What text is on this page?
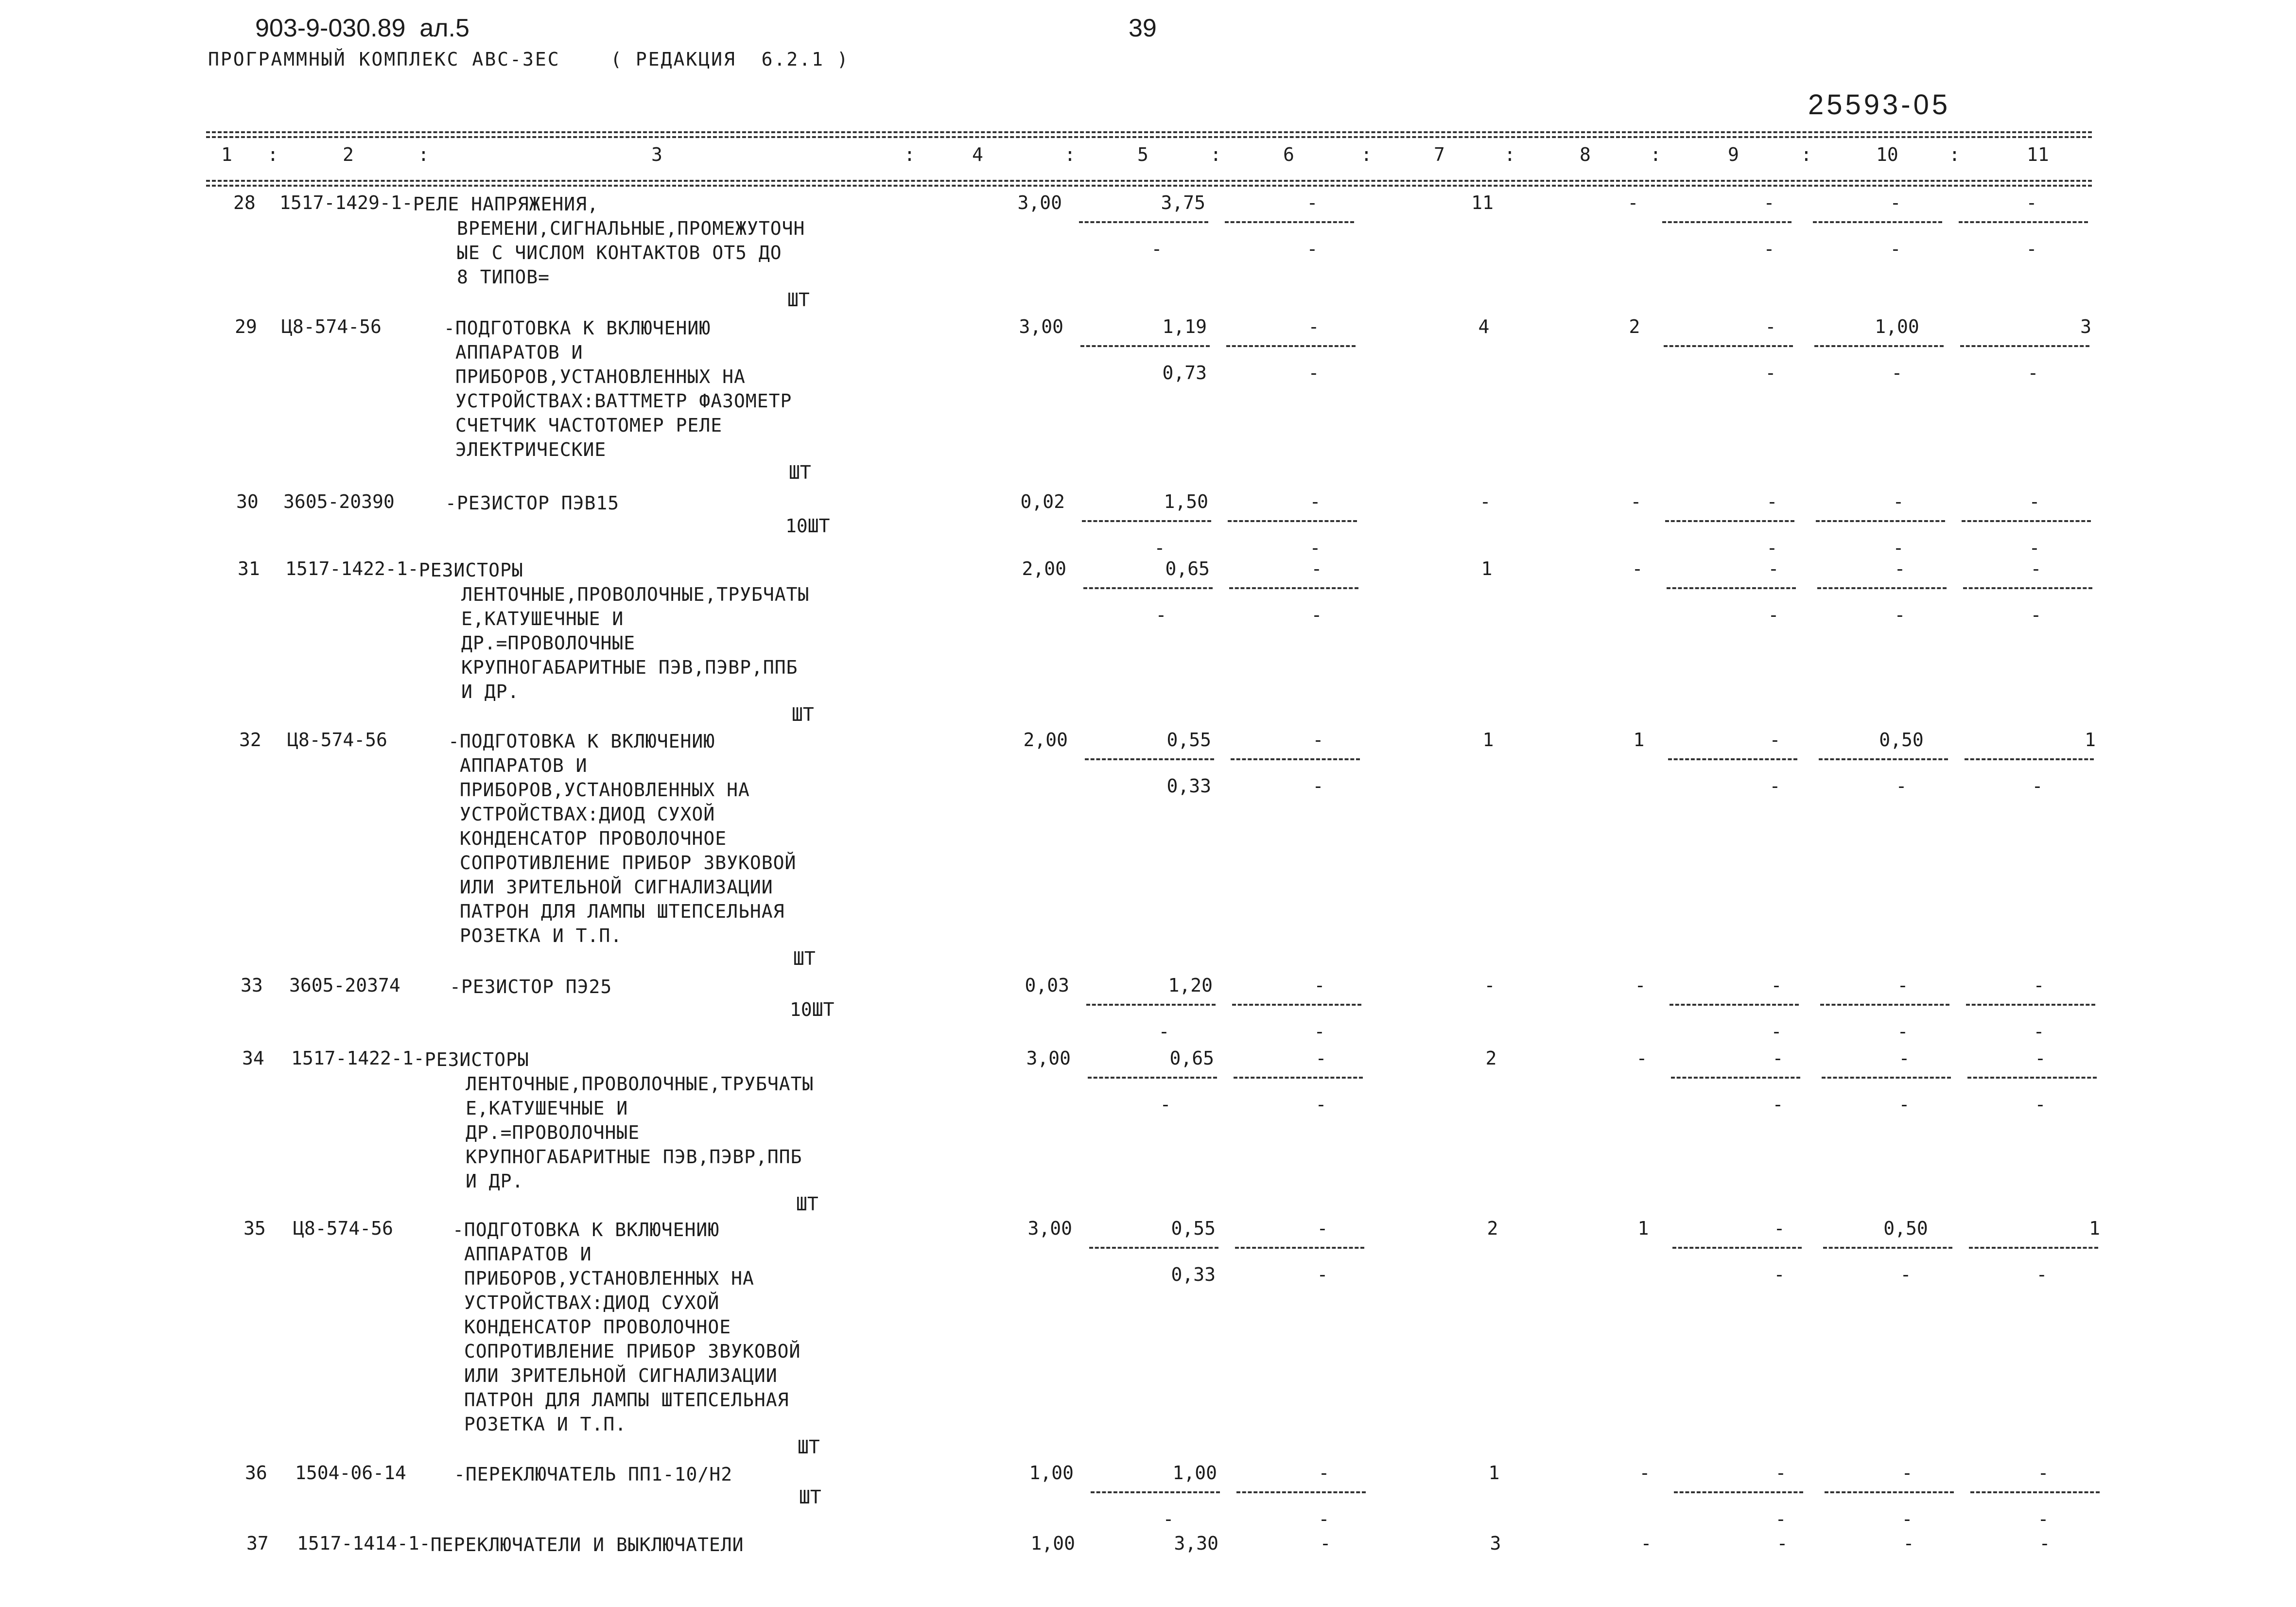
903-9-030.89  ал.5	39
ПРОГРАММНЫЙ КОМПЛЕКС АВС-3ЕС    ( РЕДАКЦИЯ  6.2.1 )
25593-05
1 :	2	:	3	:	4	:	5	:	6	:	7	:	8	:	9	:	10	:	11
28 1517-1429-1- РЕЛЕ НАПРЯЖЕНИЯ,
ВРЕМЕНИ,СИГНАЛЬНЫЕ,ПРОМЕЖУТОЧН
ЫЕ С ЧИСЛОМ КОНТАКТОВ ОТ5 ДО
8 ТИПОВ=
ШТ
3,00	3,75	-	11	-	-	-	-
-	-	-	-	-
29 Ц8-574-56	-ПОДГОТОВКА К ВКЛЮЧЕНИЮ
АППАРАТОВ И
ПРИБОРОВ,УСТАНОВЛЕННЫХ НА
УСТРОЙСТВАХ:ВАТТМЕТР ФАЗОМЕТР
СЧЕТЧИК ЧАСТОТОМЕР РЕЛЕ
ЭЛЕКТРИЧЕСКИЕ
ШТ
3,00	1,19	-	4	2	-	1,00	3
0,73	-	-	-	-
30 3605-20390	-РЕЗИСТОР ПЭВ15
10ШТ
0,02	1,50	-	-	-	-	-	-
-	-	-	-	-
31 1517-1422-1- РЕЗИСТОРЫ
ЛЕНТОЧНЫЕ,ПРОВОЛОЧНЫЕ,ТРУБЧАТЫ
Е,КАТУШЕЧНЫЕ И
ДР.=ПРОВОЛОЧНЫЕ
КРУПНОГАБАРИТНЫЕ ПЭВ,ПЭВР,ППБ
И ДР.
ШТ
2,00	0,65	-	1	-	-	-	-
-	-	-	-	-
32 Ц8-574-56	-ПОДГОТОВКА К ВКЛЮЧЕНИЮ
АППАРАТОВ И
ПРИБОРОВ,УСТАНОВЛЕННЫХ НА
УСТРОЙСТВАХ:ДИОД СУХОЙ
КОНДЕНСАТОР ПРОВОЛОЧНОЕ
СОПРОТИВЛЕНИЕ ПРИБОР ЗВУКОВОЙ
ИЛИ ЗРИТЕЛЬНОЙ СИГНАЛИЗАЦИИ
ПАТРОН ДЛЯ ЛАМПЫ ШТЕПСЕЛЬНАЯ
РОЗЕТКА И Т.П.
ШТ
2,00	0,55	-	1	1	-	0,50	1
0,33	-	-	-	-
33 3605-20374	-РЕЗИСТОР ПЭ25
10ШТ
0,03	1,20	-	-	-	-	-	-
-	-	-	-	-
34 1517-1422-1- РЕЗИСТОРЫ
ЛЕНТОЧНЫЕ,ПРОВОЛОЧНЫЕ,ТРУБЧАТЫ
Е,КАТУШЕЧНЫЕ И
ДР.=ПРОВОЛОЧНЫЕ
КРУПНОГАБАРИТНЫЕ ПЭВ,ПЭВР,ППБ
И ДР.
ШТ
3,00	0,65	-	2	-	-	-	-
-	-	-	-	-
35 Ц8-574-56	-ПОДГОТОВКА К ВКЛЮЧЕНИЮ
АППАРАТОВ И
ПРИБОРОВ,УСТАНОВЛЕННЫХ НА
УСТРОЙСТВАХ:ДИОД СУХОЙ
КОНДЕНСАТОР ПРОВОЛОЧНОЕ
СОПРОТИВЛЕНИЕ ПРИБОР ЗВУКОВОЙ
ИЛИ ЗРИТЕЛЬНОЙ СИГНАЛИЗАЦИИ
ПАТРОН ДЛЯ ЛАМПЫ ШТЕПСЕЛЬНАЯ
РОЗЕТКА И Т.П.
ШТ
3,00	0,55	-	2	1	-	0,50	1
0,33	-	-	-	-
36 1504-06-14	-ПЕРЕКЛЮЧАТЕЛЬ ПП1-10/Н2
ШТ
1,00	1,00	-	1	-	-	-	-
-	-	-	-	-
37 1517-1414-1- ПЕРЕКЛЮЧАТЕЛИ И ВЫКЛЮЧАТЕЛИ	1,00	3,30	-	3	-	-	-	-
